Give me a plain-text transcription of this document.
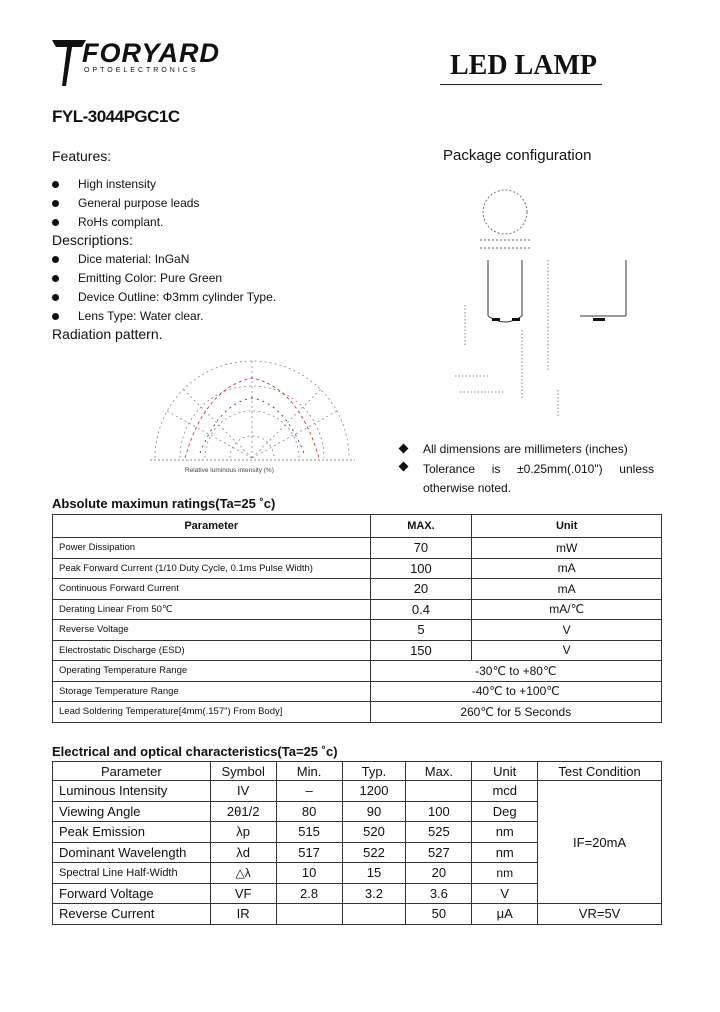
FORYARD
OPTOELECTRONICS	LED LAMP
FYL-3044PGC1C
Features:
High instensity
General purpose leads
RoHs complant.
Descriptions:
Dice material: InGaN
Emitting Color: Pure Green
Device Outline: Φ3mm cylinder Type.
Lens Type: Water clear.
Radiation pattern.
Relative luminous intensity (%)
Package configuration
All dimensions are millimeters (inches)
Tolerance is ±0.25mm(.010") unless otherwise noted.
Absolute maximun ratings(Ta=25 ˚c)
Parameter	MAX.	Unit
Power Dissipation	70	mW
Peak Forward Current (1/10 Duty Cycle, 0.1ms Pulse Width)	100	mA
Continuous Forward Current	20	mA
Derating Linear From 50℃	0.4	mA/℃
Reverse Voltage	5	V
Electrostatic Discharge (ESD)	150	V
Operating Temperature Range	-30℃ to +80℃	
Storage Temperature Range	-40℃ to +100℃	
Lead Soldering Temperature[4mm(.157") From Body]	260℃ for 5 Seconds	
Electrical and optical characteristics(Ta=25 ˚c)
Parameter	Symbol	Min.	Typ.	Max.	Unit	Test Condition
Luminous Intensity	IV	–	1200		mcd	IF=20mA
Viewing Angle	2θ1/2	80	90	100	Deg	
Peak Emission	λp	515	520	525	nm	
Dominant Wavelength	λd	517	522	527	nm	
Spectral Line Half-Width	△λ	10	15	20	nm	
Forward Voltage	VF	2.8	3.2	3.6	V	
Reverse Current	IR			50	μA	VR=5V
